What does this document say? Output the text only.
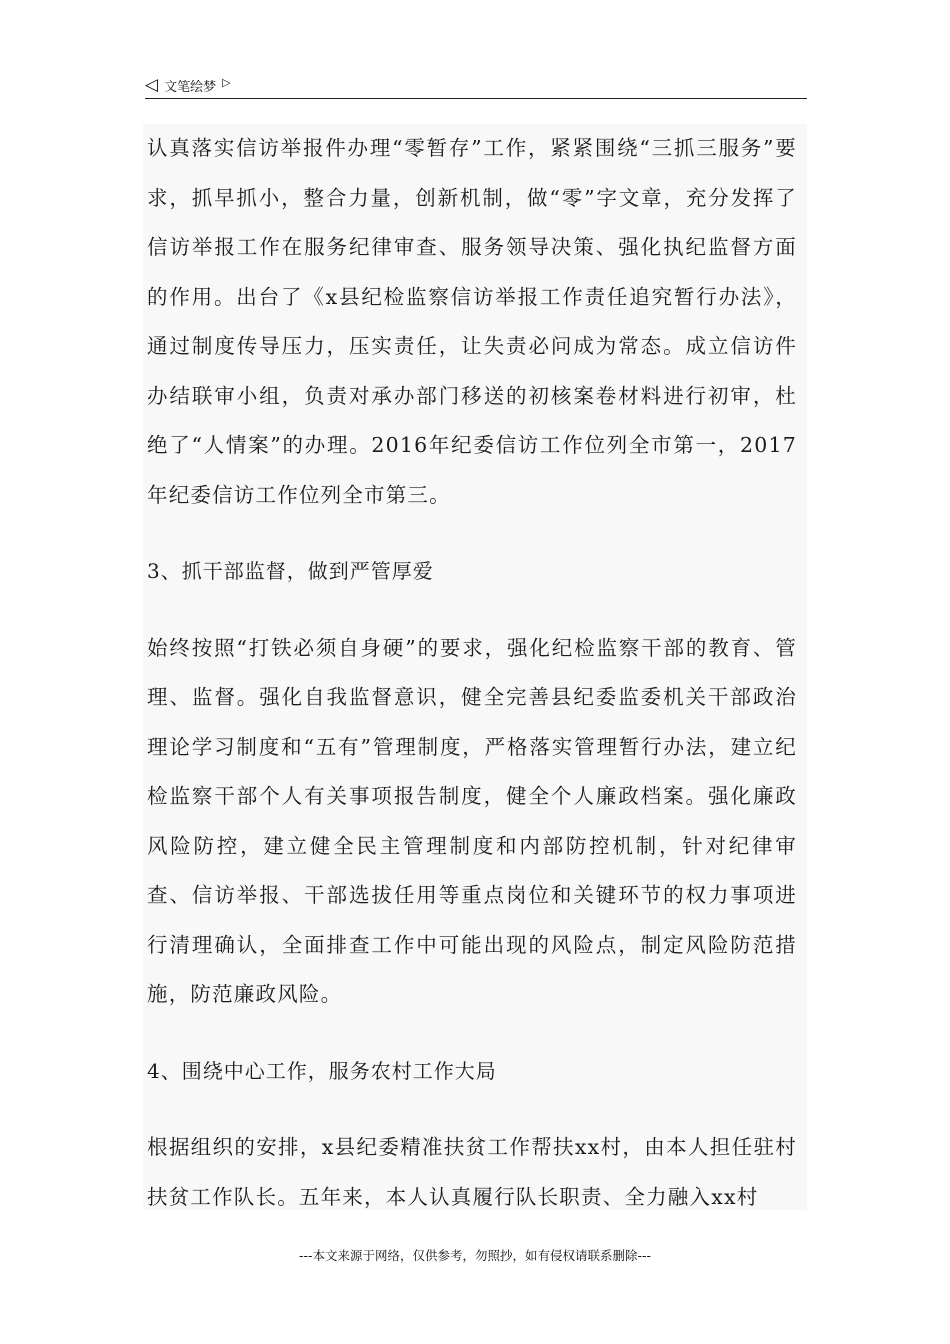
◁ 文笔绘梦 ▷

认真落实信访举报件办理“零暂存”工作，紧紧围绕“三抓三服务”要求，抓早抓小，整合力量，创新机制，做“零”字文章，充分发挥了信访举报工作在服务纪律审查、服务领导决策、强化执纪监督方面的作用。出台了《x县纪检监察信访举报工作责任追究暂行办法》，通过制度传导压力，压实责任，让失责必问成为常态。成立信访件办结联审小组，负责对承办部门移送的初核案卷材料进行初审，杜绝了“人情案”的办理。2016年纪委信访工作位列全市第一，2017年纪委信访工作位列全市第三。

3、抓干部监督，做到严管厚爱

始终按照“打铁必须自身硬”的要求，强化纪检监察干部的教育、管理、监督。强化自我监督意识，健全完善县纪委监委机关干部政治理论学习制度和“五有”管理制度，严格落实管理暂行办法，建立纪检监察干部个人有关事项报告制度，健全个人廉政档案。强化廉政风险防控，建立健全民主管理制度和内部防控机制，针对纪律审查、信访举报、干部选拔任用等重点岗位和关键环节的权力事项进行清理确认，全面排查工作中可能出现的风险点，制定风险防范措施，防范廉政风险。

4、围绕中心工作，服务农村工作大局

根据组织的安排，x县纪委精准扶贫工作帮扶xx村，由本人担任驻村扶贫工作队长。五年来，本人认真履行队长职责、全力融入xx村

---本文来源于网络，仅供参考，勿照抄，如有侵权请联系删除---
